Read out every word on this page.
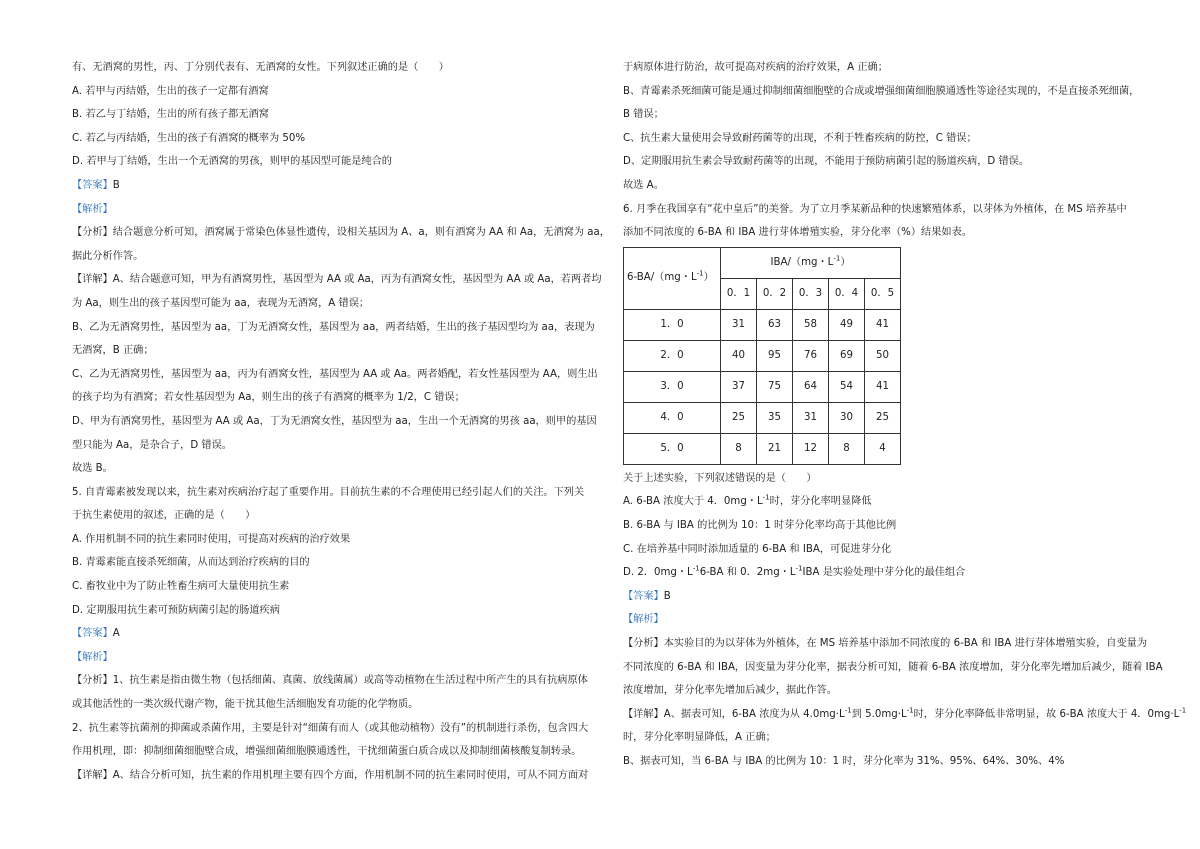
有、无酒窝的男性，丙、丁分别代表有、无酒窝的女性。下列叙述正确的是（　　）

A. 若甲与丙结婚，生出的孩子一定都有酒窝

B. 若乙与丁结婚，生出的所有孩子都无酒窝

C. 若乙与丙结婚，生出的孩子有酒窝的概率为 50%

D. 若甲与丁结婚，生出一个无酒窝的男孩，则甲的基因型可能是纯合的

【答案】B

【解析】

【分析】结合题意分析可知，酒窝属于常染色体显性遗传，设相关基因为 A、a，则有酒窝为 AA 和 Aa，无酒窝为 aa，

据此分析作答。

【详解】A、结合题意可知，甲为有酒窝男性，基因型为 AA 或 Aa，丙为有酒窝女性，基因型为 AA 或 Aa，若两者均

为 Aa，则生出的孩子基因型可能为 aa，表现为无酒窝，A 错误；

B、乙为无酒窝男性，基因型为 aa，丁为无酒窝女性，基因型为 aa，两者结婚，生出的孩子基因型均为 aa，表现为

无酒窝，B 正确；

C、乙为无酒窝男性，基因型为 aa，丙为有酒窝女性，基因型为 AA 或 Aa。两者婚配，若女性基因型为 AA，则生出

的孩子均为有酒窝；若女性基因型为 Aa，则生出的孩子有酒窝的概率为 1/2，C 错误；

D、甲为有酒窝男性，基因型为 AA 或 Aa，丁为无酒窝女性，基因型为 aa，生出一个无酒窝的男孩 aa，则甲的基因

型只能为 Aa，是杂合子，D 错误。

故选 B。

5. 自青霉素被发现以来，抗生素对疾病治疗起了重要作用。目前抗生素的不合理使用已经引起人们的关注。下列关

于抗生素使用的叙述，正确的是（　　）

A. 作用机制不同的抗生素同时使用，可提高对疾病的治疗效果

B. 青霉素能直接杀死细菌，从而达到治疗疾病的目的

C. 畜牧业中为了防止牲畜生病可大量使用抗生素

D. 定期服用抗生素可预防病菌引起的肠道疾病

【答案】A

【解析】

【分析】1、抗生素是指由微生物（包括细菌、真菌、放线菌属）或高等动植物在生活过程中所产生的具有抗病原体

或其他活性的一类次级代谢产物，能干扰其他生活细胞发育功能的化学物质。

2、抗生素等抗菌剂的抑菌或杀菌作用，主要是针对“细菌有而人（或其他动植物）没有”的机制进行杀伤，包含四大

作用机理，即：抑制细菌细胞壁合成，增强细菌细胞膜通透性，干扰细菌蛋白质合成以及抑制细菌核酸复制转录。

【详解】A、结合分析可知，抗生素的作用机理主要有四个方面，作用机制不同的抗生素同时使用，可从不同方面对

于病原体进行防治，故可提高对疾病的治疗效果，A 正确；

B、青霉素杀死细菌可能是通过抑制细菌细胞壁的合成或增强细菌细胞膜通透性等途径实现的，不是直接杀死细菌，

B 错误；

C、抗生素大量使用会导致耐药菌等的出现，不利于牲畜疾病的防控，C 错误；

D、定期服用抗生素会导致耐药菌等的出现，不能用于预防病菌引起的肠道疾病，D 错误。

故选 A。

6. 月季在我国享有“花中皇后”的美誉。为了立月季某新品种的快速繁殖体系，以芽体为外植体，在 MS 培养基中

添加不同浓度的 6-BA 和 IBA 进行芽体增殖实验，芽分化率（%）结果如表。

6-BA/（mg・$L^{-1}$）	IBA/（mg・$L^{-1}$）				
	0．1	0．2	0．3	0．4	0．5
1．0	31	63	58	49	41
2．0	40	95	76	69	50
3．0	37	75	64	54	41
4．0	25	35	31	30	25
5．0	8	21	12	8	4

关于上述实验，下列叙述错误的是（　　）

A. 6-BA 浓度大于 4．0mg・$L^{-1}$时，芽分化率明显降低

B. 6-BA 与 IBA 的比例为 10：1 时芽分化率均高于其他比例

C. 在培养基中同时添加适量的 6-BA 和 IBA，可促进芽分化

D. 2．0mg・$L^{-1}6-BA$ 和 0．2mg・$L^{-1}IBA$ 是实验处理中芽分化的最佳组合

【答案】B

【解析】

【分析】本实验目的为以芽体为外植体，在 MS 培养基中添加不同浓度的 6-BA 和 IBA 进行芽体增殖实验，自变量为

不同浓度的 6-BA 和 IBA，因变量为芽分化率，据表分析可知，随着 6-BA 浓度增加，芽分化率先增加后减少，随着 IBA

浓度增加，芽分化率先增加后减少，据此作答。

【详解】A、据表可知，6-BA 浓度为从 $4.0mg\cdot L^{-1}$到 $5.0mg\cdot L^{-1}$时，芽分化率降低非常明显，故 6-BA 浓度大于 4．$0mg\cdot L^{-1}$

时，芽分化率明显降低，A 正确；

B、据表可知，当 6-BA 与 IBA 的比例为 10：1 时，芽分化率为 31%、95%、64%、30%、4%
